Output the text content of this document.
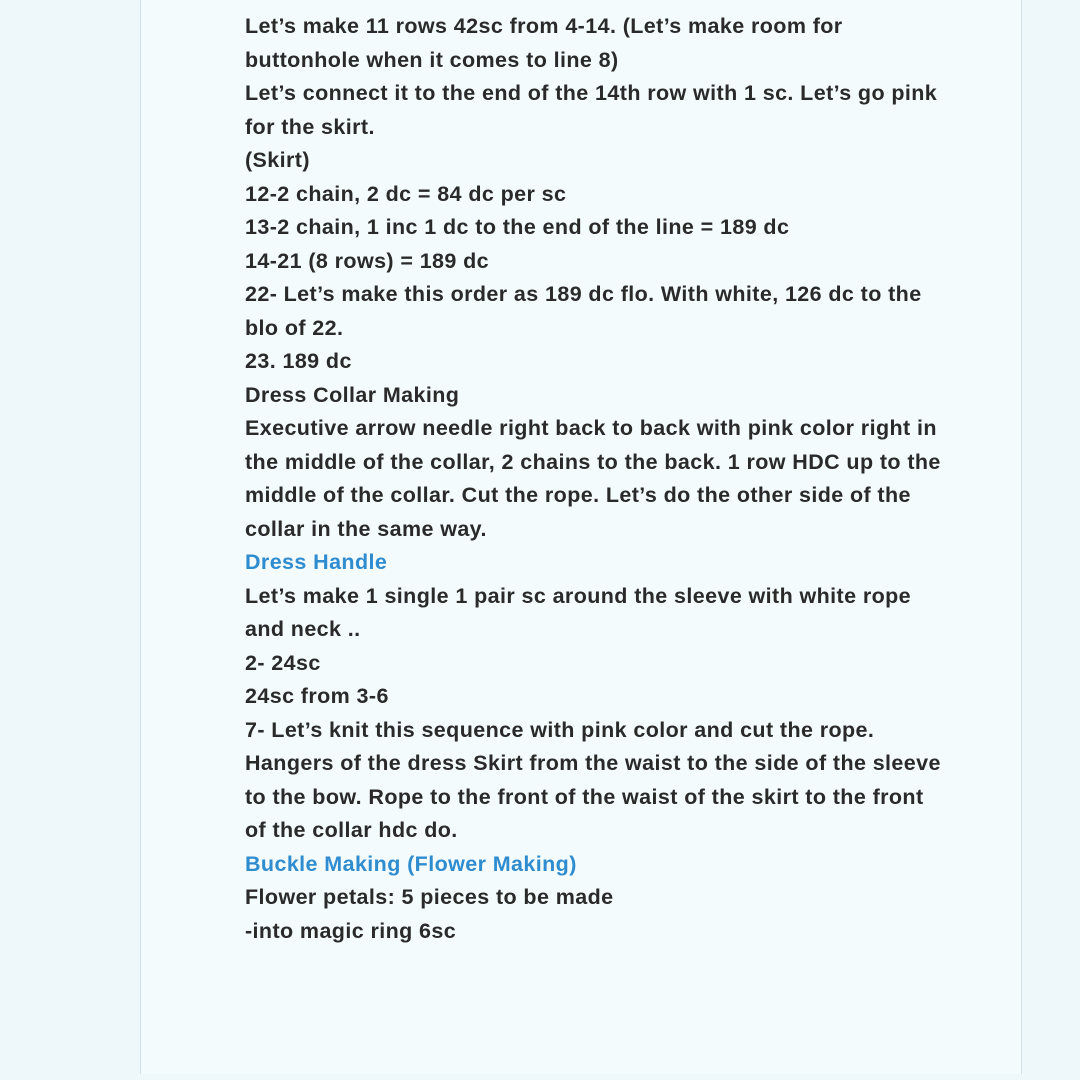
Let’s make 11 rows 42sc from 4-14. (Let’s make room for buttonhole when it comes to line 8)

Let’s connect it to the end of the 14th row with 1 sc. Let’s go pink for the skirt.

(Skirt)

12-2 chain, 2 dc = 84 dc per sc

13-2 chain, 1 inc 1 dc to the end of the line = 189 dc

14-21 (8 rows) = 189 dc

22- Let’s make this order as 189 dc flo. With white, 126 dc to the blo of 22.

23. 189 dc

Dress Collar Making

Executive arrow needle right back to back with pink color right in the middle of the collar, 2 chains to the back. 1 row HDC up to the middle of the collar. Cut the rope. Let’s do the other side of the collar in the same way.

Dress Handle

Let’s make 1 single 1 pair sc around the sleeve with white rope and neck ..

2- 24sc

24sc from 3-6

7- Let’s knit this sequence with pink color and cut the rope. Hangers of the dress Skirt from the waist to the side of the sleeve to the bow. Rope to the front of the waist of the skirt to the front of the collar hdc do.

Buckle Making (Flower Making)

Flower petals: 5 pieces to be made

-into magic ring 6sc
